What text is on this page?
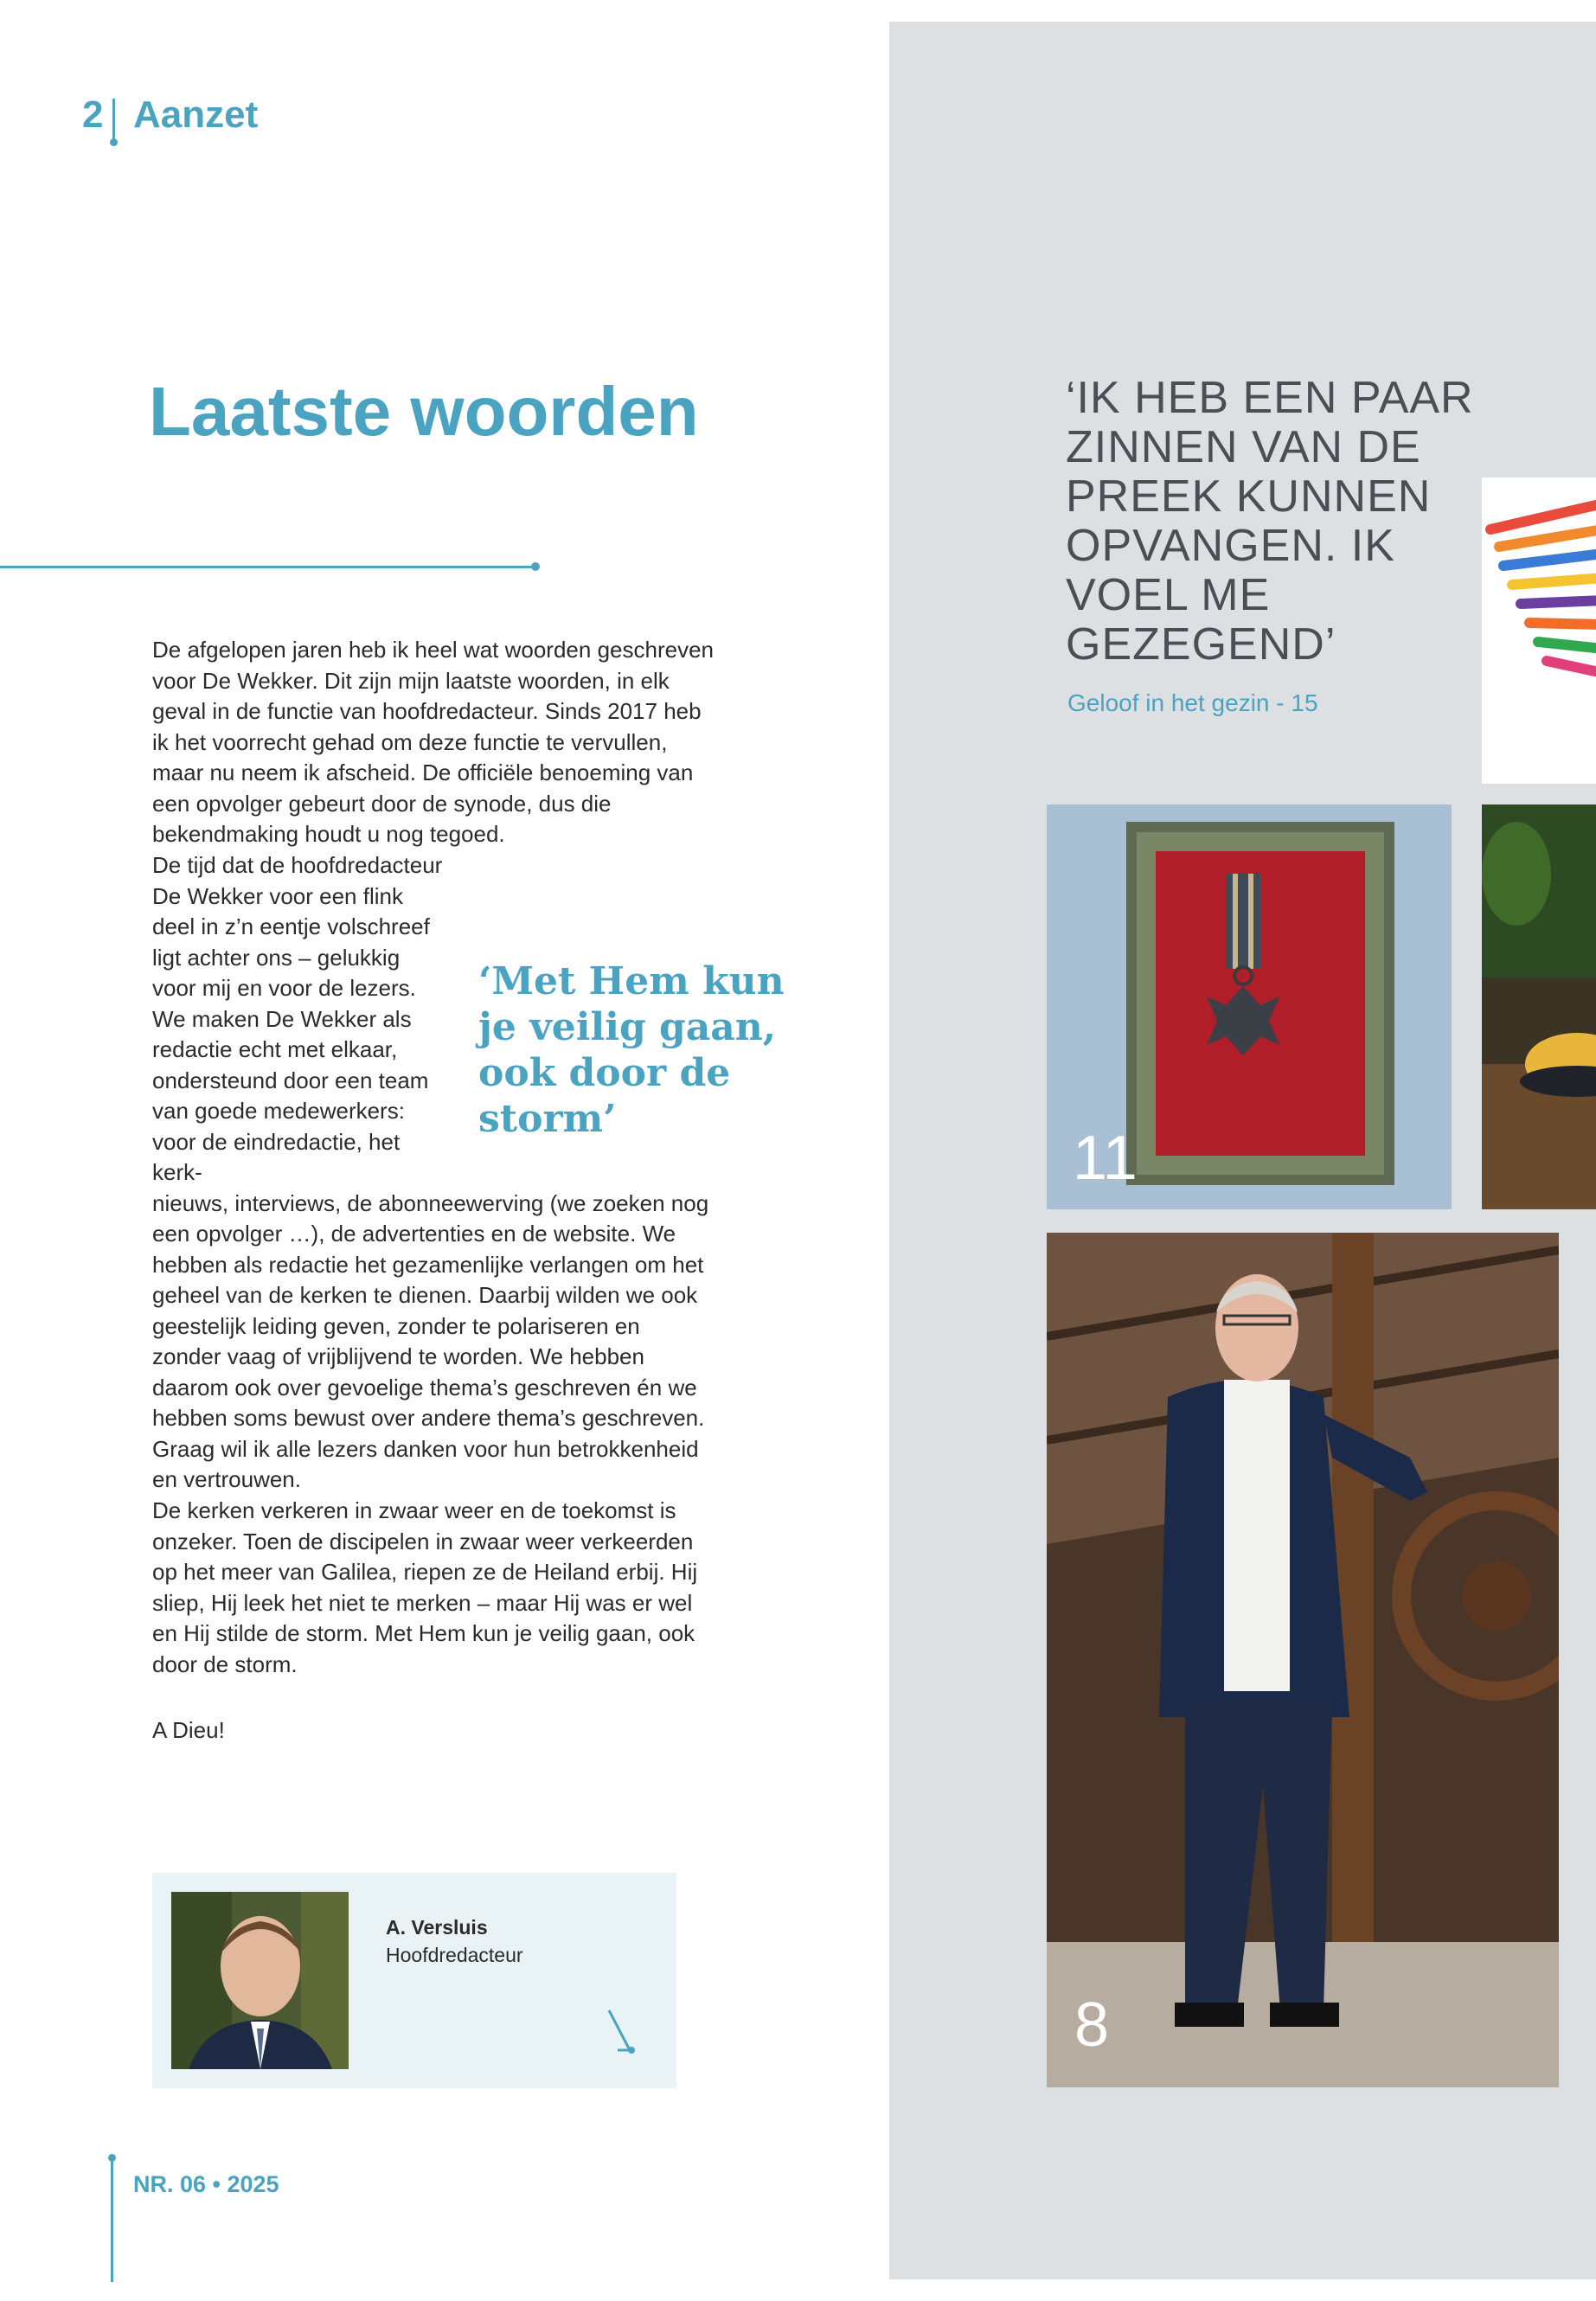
2 Aanzet
Laatste woorden

De afgelopen jaren heb ik heel wat woorden geschreven voor De Wekker. Dit zijn mijn laatste woorden, in elk geval in de functie van hoofdredacteur. Sinds 2017 heb ik het voorrecht gehad om deze functie te vervullen, maar nu neem ik afscheid. De officiële benoeming van een opvolger gebeurt door de synode, dus die bekendmaking houdt u nog tegoed.

De tijd dat de hoofdredacteur De Wekker voor een flink deel in z’n eentje volschreef ligt achter ons – gelukkig voor mij en voor de lezers. We maken De Wekker als redactie echt met elkaar, ondersteund door een team van goede medewerkers: voor de eindredactie, het kerk-
nieuws, interviews, de abonneewerving (we zoeken nog een opvolger …), de advertenties en de website. We hebben als redactie het gezamenlijke verlangen om het geheel van de kerken te dienen. Daarbij wilden we ook geestelijk leiding geven, zonder te polariseren en zonder vaag of vrijblijvend te worden. We hebben daarom ook over gevoelige thema’s geschreven én we hebben soms bewust over andere thema’s geschreven. Graag wil ik alle lezers danken voor hun betrokkenheid en vertrouwen.

De kerken verkeren in zwaar weer en de toekomst is onzeker. Toen de discipelen in zwaar weer verkeerden op het meer van Galilea, riepen ze de Heiland erbij. Hij sliep, Hij leek het niet te merken – maar Hij was er wel en Hij stilde de storm. Met Hem kun je veilig gaan, ook door de storm.

A Dieu!

‘Met Hem kun je veilig gaan, ook door de storm’
A. Versluis
Hoofdredacteur
NR. 06 • 2025
‘IK HEB EEN PAAR ZINNEN VAN DE PREEK KUNNEN OPVANGEN. IK VOEL ME GEZEGEND’
Geloof in het gezin - 15
11
8
